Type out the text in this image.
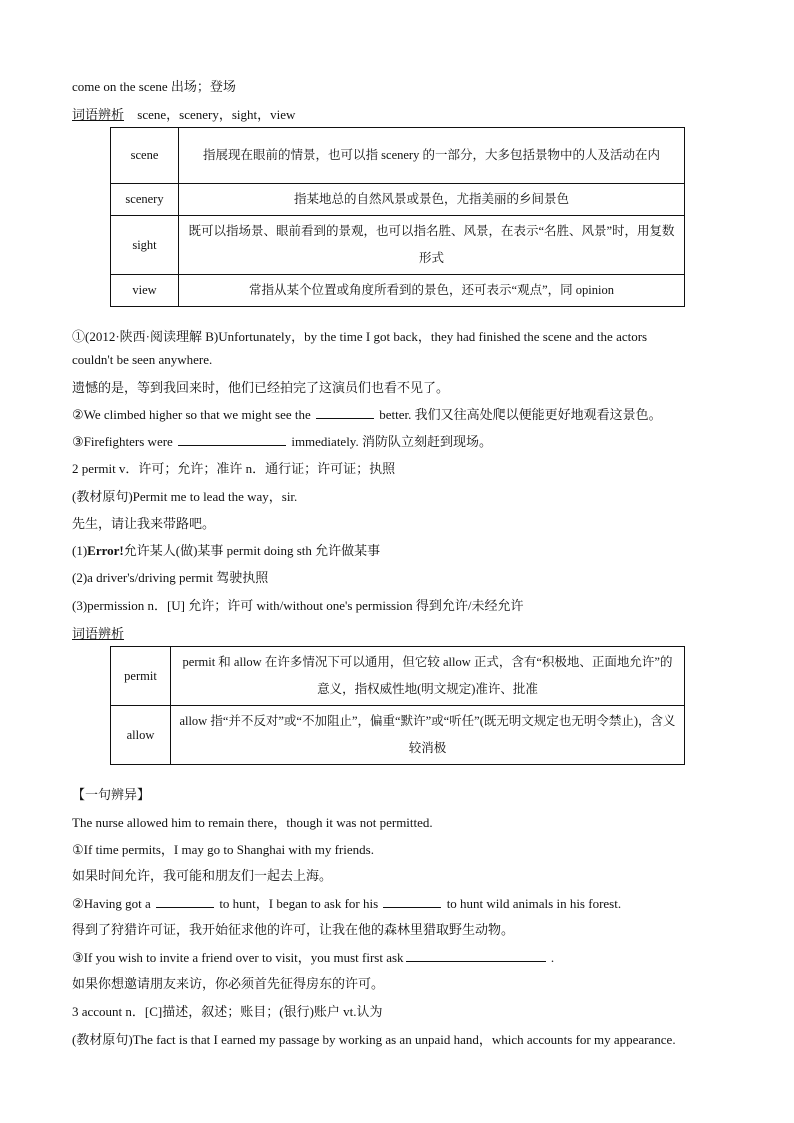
come on the scene 出场；登场
词语辨析 scene，scenery，sight，view
scene	指展现在眼前的情景，也可以指 scenery 的一部分，大多包括景物中的人及活动在内
scenery	指某地总的自然风景或景色，尤指美丽的乡间景色
sight	既可以指场景、眼前看到的景观，也可以指名胜、风景，在表示“名胜、风景”时，用复数形式
view	常指从某个位置或角度所看到的景色，还可表示“观点”，同 opinion
①(2012·陕西·阅读理解 B)Unfortunately，by the time I got back，they had finished the scene and the actors
couldn't be seen anywhere.
遗憾的是，等到我回来时，他们已经拍完了这演员们也看不见了。
②We climbed higher so that we might see the	better. 我们又往高处爬以便能更好地观看这景色。
③Firefighters were	immediately. 消防队立刻赶到现场。
2 permit v．许可；允许；准许 n．通行证；许可证；执照
(教材原句)Permit me to lead the way，sir.
先生，请让我来带路吧。
(1)Error!允许某人(做)某事 permit doing sth 允许做某事
(2)a driver's/driving permit 驾驶执照
(3)permission n．[U] 允许；许可 with/without one's permission 得到允许/未经允许
词语辨析
permit	permit 和 allow 在许多情况下可以通用，但它较 allow 正式，含有“积极地、正面地允许”的意义，指权威性地(明文规定)准许、批准
allow	allow 指“并不反对”或“不加阻止”，偏重“默许”或“听任”(既无明文规定也无明令禁止)，含义较消极
【一句辨异】
The nurse allowed him to remain there，though it was not permitted.
①If time permits，I may go to Shanghai with my friends.
如果时间允许，我可能和朋友们一起去上海。
②Having got a	to hunt，I began to ask for his	to hunt wild animals in his forest.
得到了狩猎许可证，我开始征求他的许可，让我在他的森林里猎取野生动物。
③If you wish to invite a friend over to visit，you must first ask	.
如果你想邀请朋友来访，你必须首先征得房东的许可。
3 account n．[C]描述，叙述；账目；(银行)账户 vt.认为
(教材原句)The fact is that I earned my passage by working as an unpaid hand，which accounts for my appearance.
